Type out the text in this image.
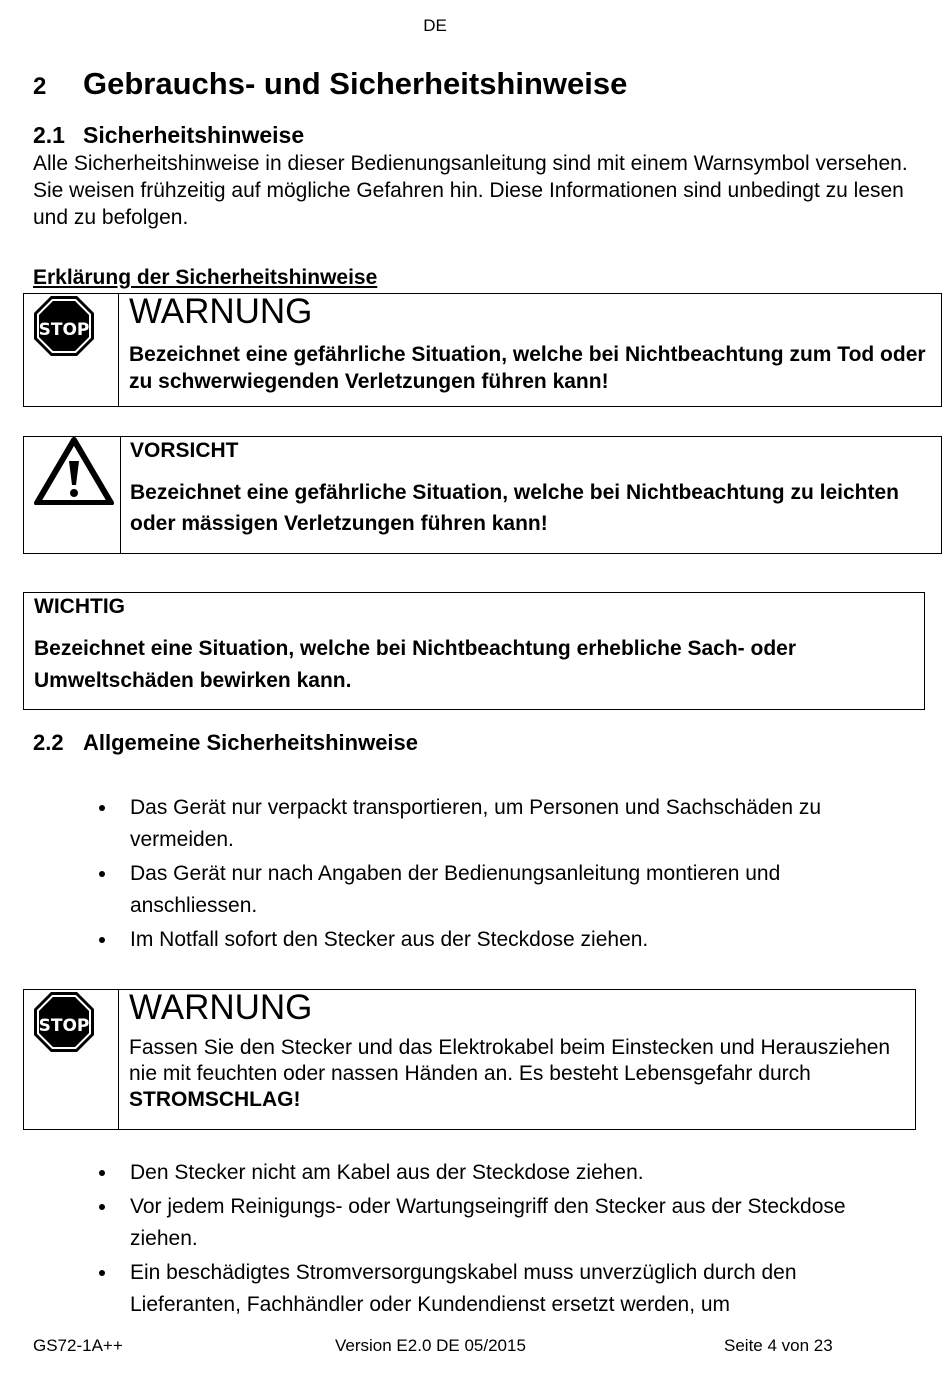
DE
2 Gebrauchs- und Sicherheitshinweise
2.1 Sicherheitshinweise
Alle Sicherheitshinweise in dieser Bedienungsanleitung sind mit einem Warnsymbol versehen. Sie weisen frühzeitig auf mögliche Gefahren hin. Diese Informationen sind unbedingt zu lesen und zu befolgen.
Erklärung der Sicherheitshinweise
STOP WARNUNG
Bezeichnet eine gefährliche Situation, welche bei Nichtbeachtung zum Tod oder zu schwerwiegenden Verletzungen führen kann!
VORSICHT
Bezeichnet eine gefährliche Situation, welche bei Nichtbeachtung zu leichten oder mässigen Verletzungen führen kann!
WICHTIG
Bezeichnet eine Situation, welche bei Nichtbeachtung erhebliche Sach- oder Umweltschäden bewirken kann.
2.2 Allgemeine Sicherheitshinweise
Das Gerät nur verpackt transportieren, um Personen und Sachschäden zu vermeiden.
Das Gerät nur nach Angaben der Bedienungsanleitung montieren und anschliessen.
Im Notfall sofort den Stecker aus der Steckdose ziehen.
STOP WARNUNG
Fassen Sie den Stecker und das Elektrokabel beim Einstecken und Herausziehen nie mit feuchten oder nassen Händen an. Es besteht Lebensgefahr durch STROMSCHLAG!
Den Stecker nicht am Kabel aus der Steckdose ziehen.
Vor jedem Reinigungs- oder Wartungseingriff den Stecker aus der Steckdose ziehen.
Ein beschädigtes Stromversorgungskabel muss unverzüglich durch den Lieferanten, Fachhändler oder Kundendienst ersetzt werden, um
GS72-1A++	Version E2.0 DE 05/2015	Seite 4 von 23
